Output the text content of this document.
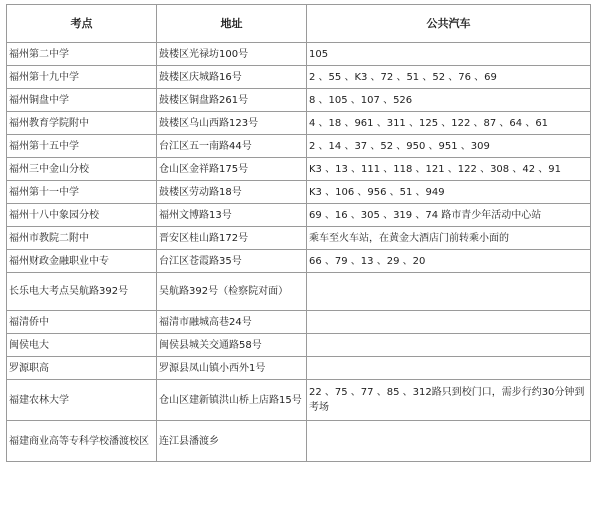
考点	地址	公共汽车
福州第二中学	鼓楼区光禄坊100号	105
福州第十九中学	鼓楼区庆城路16号	2 、55 、K3 、72 、51 、52 、76 、69
福州铜盘中学	鼓楼区铜盘路261号	8 、105 、107 、526
福州教育学院附中	鼓楼区乌山西路123号	4 、18 、961 、311 、125 、122 、87 、64 、61
福州第十五中学	台江区五一南路44号	2 、14 、37 、52 、950 、951 、309
福州三中金山分校	仓山区金祥路175号	K3 、13 、111 、118 、121 、122 、308 、42 、91
福州第十一中学	鼓楼区劳动路18号	K3 、106 、956 、51 、949
福州十八中象园分校	福州文博路13号	69 、16 、305 、319 、74 路市青少年活动中心站
福州市教院二附中	晋安区桂山路172号	乘车至火车站，在黄金大酒店门前转乘小面的
福州财政金融职业中专	台江区苍霞路35号	66 、79 、13 、29 、20
长乐电大考点吴航路392号	吴航路392号（检察院对面）	
福清侨中	福清市融城高巷24号	
闽侯电大	闽侯县城关交通路58号	
罗源职高	罗源县凤山镇小西外1号	
福建农林大学	仓山区建新镇洪山桥上店路15号	22 、75 、77 、85 、312路只到校门口，需步行约30分钟到考场
福建商业高等专科学校潘渡校区	连江县潘渡乡	
